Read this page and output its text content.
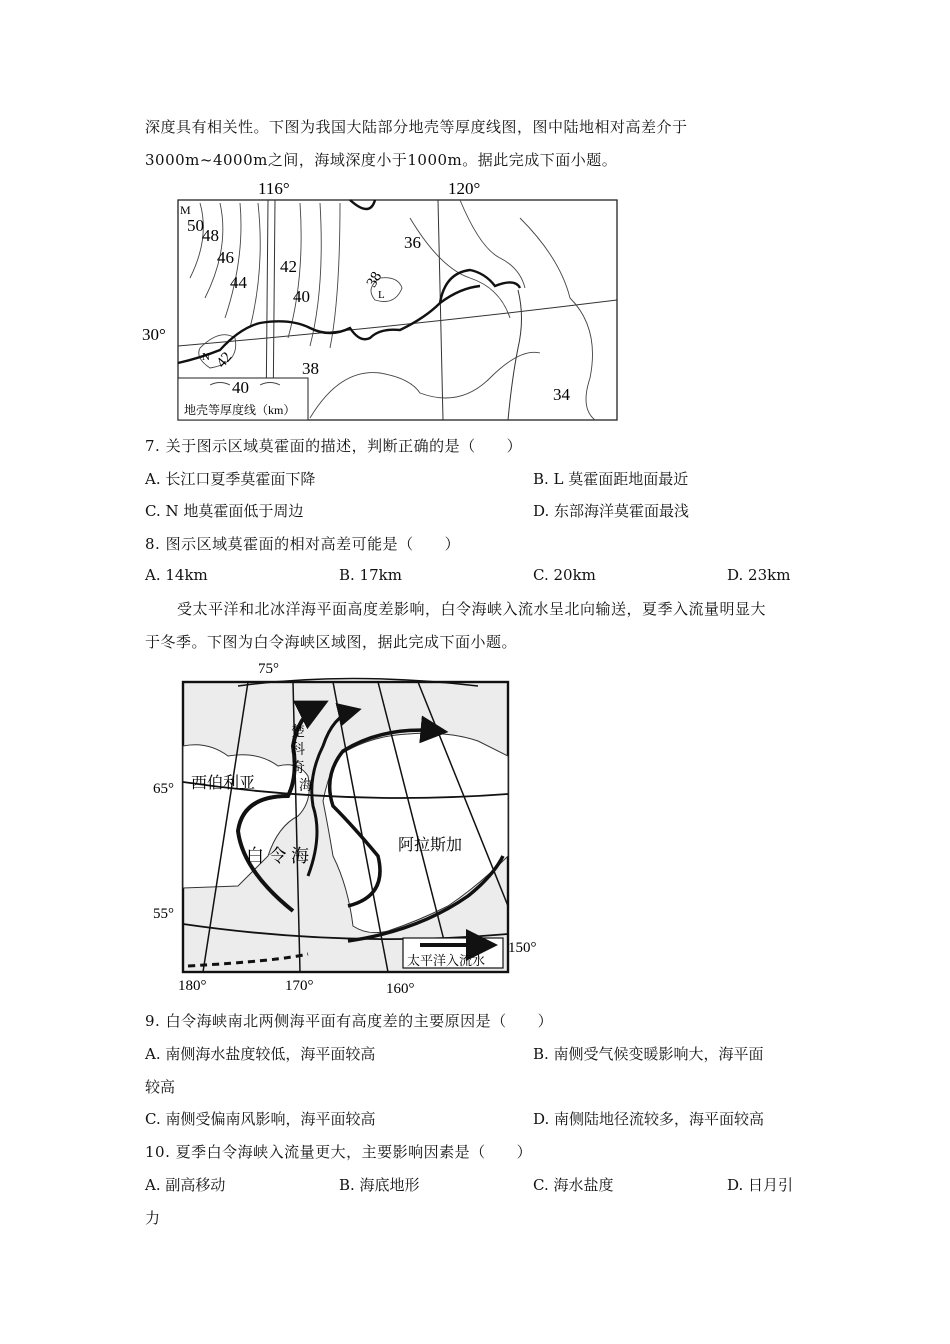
深度具有相关性。下图为我国大陆部分地壳等厚度线图，图中陆地相对高差介于
3000m~4000m之间，海域深度小于1000m。据此完成下面小题。
116°	120°
30°
M
50
48
46
44
42
40
36
38
L
N 42	38
34
40
地壳等厚度线（km）
7. 关于图示区域莫霍面的描述，判断正确的是（　　）
A. 长江口夏季莫霍面下降	B. L 莫霍面距地面最近
C. N 地莫霍面低于周边	D. 东部海洋莫霍面最浅
8. 图示区域莫霍面的相对高差可能是（　　）
A. 14km	B. 17km	C. 20km	D. 23km
受太平洋和北冰洋海平面高度差影响，白令海峡入流水呈北向输送，夏季入流量明显大
于冬季。下图为白令海峡区域图，据此完成下面小题。
75°
65°
55°
180°	170°	160°
150°
楚
科
奇
海
西伯利亚
白 令 海
阿拉斯加
太平洋入流水
9. 白令海峡南北两侧海平面有高度差的主要原因是（　　）
A. 南侧海水盐度较低，海平面较高	B. 南侧受气候变暖影响大，海平面
较高
C. 南侧受偏南风影响，海平面较高	D. 南侧陆地径流较多，海平面较高
10. 夏季白令海峡入流量更大，主要影响因素是（　　）
A. 副高移动	B. 海底地形	C. 海水盐度	D. 日月引
力
